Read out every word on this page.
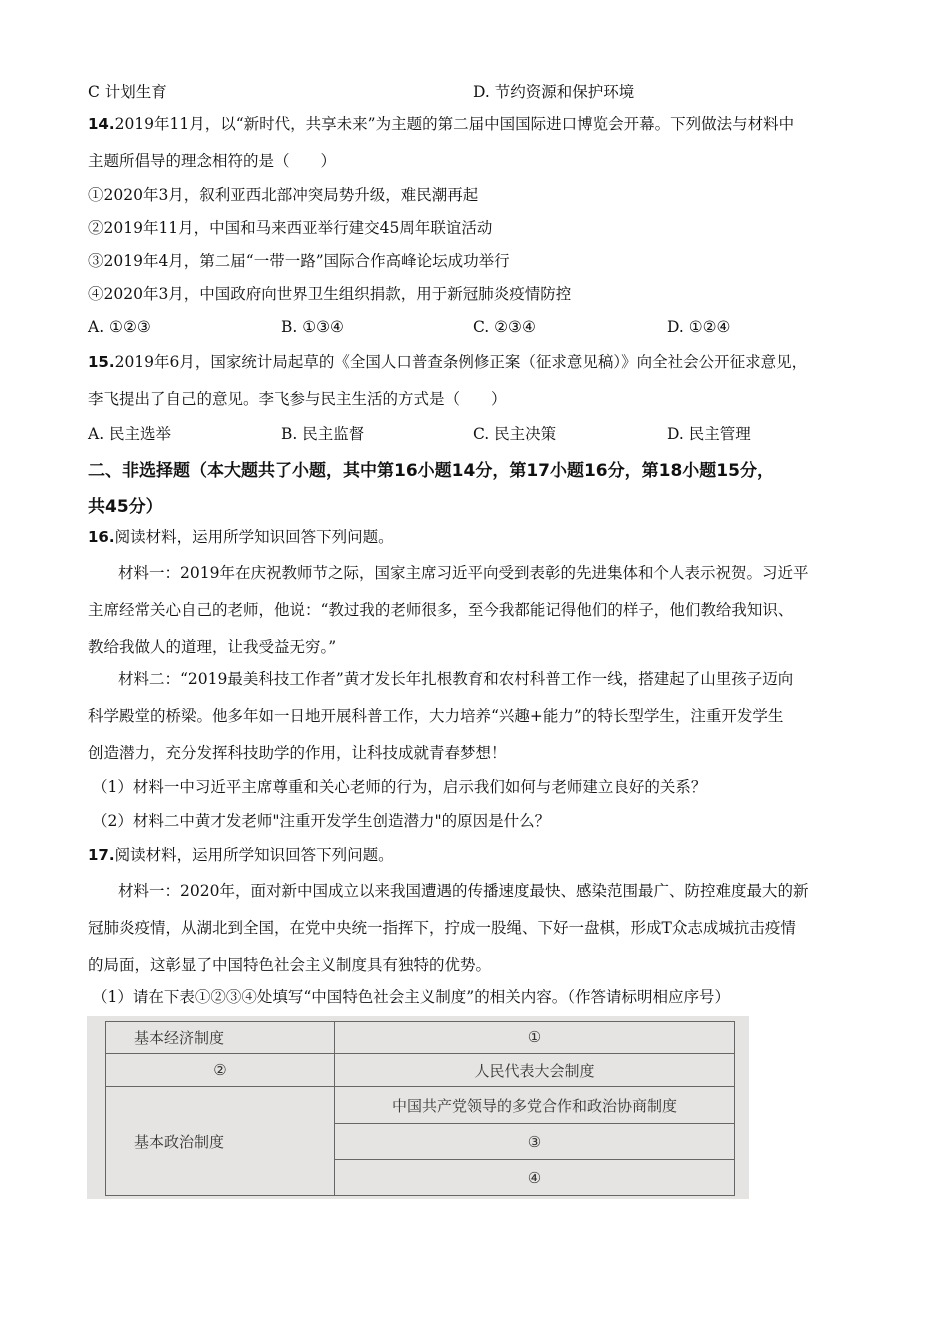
C 计划生育	D. 节约资源和保护环境
14.2019年11月，以“新时代，共享未来”为主题的第二届中国国际进口博览会开幕。下列做法与材料中
主题所倡导的理念相符的是（　　）
①2020年3月，叙利亚西北部冲突局势升级，难民潮再起
②2019年11月，中国和马来西亚举行建交45周年联谊活动
③2019年4月，第二届“一带一路”国际合作高峰论坛成功举行
④2020年3月，中国政府向世界卫生组织捐款，用于新冠肺炎疫情防控
A. ①②③	B. ①③④	C. ②③④	D. ①②④
15.2019年6月，国家统计局起草的《全国人口普查条例修正案（征求意见稿）》向全社会公开征求意见，
李飞提出了自己的意见。李飞参与民主生活的方式是（　　）
A. 民主选举	B. 民主监督	C. 民主决策	D. 民主管理
二、非选择题（本大题共了小题，其中第16小题14分，第17小题16分，第18小题15分，
共45分）
16.阅读材料，运用所学知识回答下列问题。
材料一：2019年在庆祝教师节之际，国家主席习近平向受到表彰的先进集体和个人表示祝贺。习近平
主席经常关心自己的老师，他说：“教过我的老师很多，至今我都能记得他们的样子，他们教给我知识、
教给我做人的道理，让我受益无穷。”
材料二：“2019最美科技工作者”黄才发长年扎根教育和农村科普工作一线，搭建起了山里孩子迈向
科学殿堂的桥梁。他多年如一日地开展科普工作，大力培养“兴趣+能力”的特长型学生，注重开发学生
创造潜力，充分发挥科技助学的作用，让科技成就青春梦想！
（1）材料一中习近平主席尊重和关心老师的行为，启示我们如何与老师建立良好的关系？
（2）材料二中黄才发老师"注重开发学生创造潜力"的原因是什么？
17.阅读材料，运用所学知识回答下列问题。
材料一：2020年，面对新中国成立以来我国遭遇的传播速度最快、感染范围最广、防控难度最大的新
冠肺炎疫情，从湖北到全国，在党中央统一指挥下，拧成一股绳、下好一盘棋，形成T众志成城抗击疫情
的局面，这彰显了中国特色社会主义制度具有独特的优势。
（1）请在下表①②③④处填写“中国特色社会主义制度”的相关内容。（作答请标明相应序号）
基本经济制度	①
②	人民代表大会制度
基本政治制度	中国共产党领导的多党合作和政治协商制度
	③
	④
